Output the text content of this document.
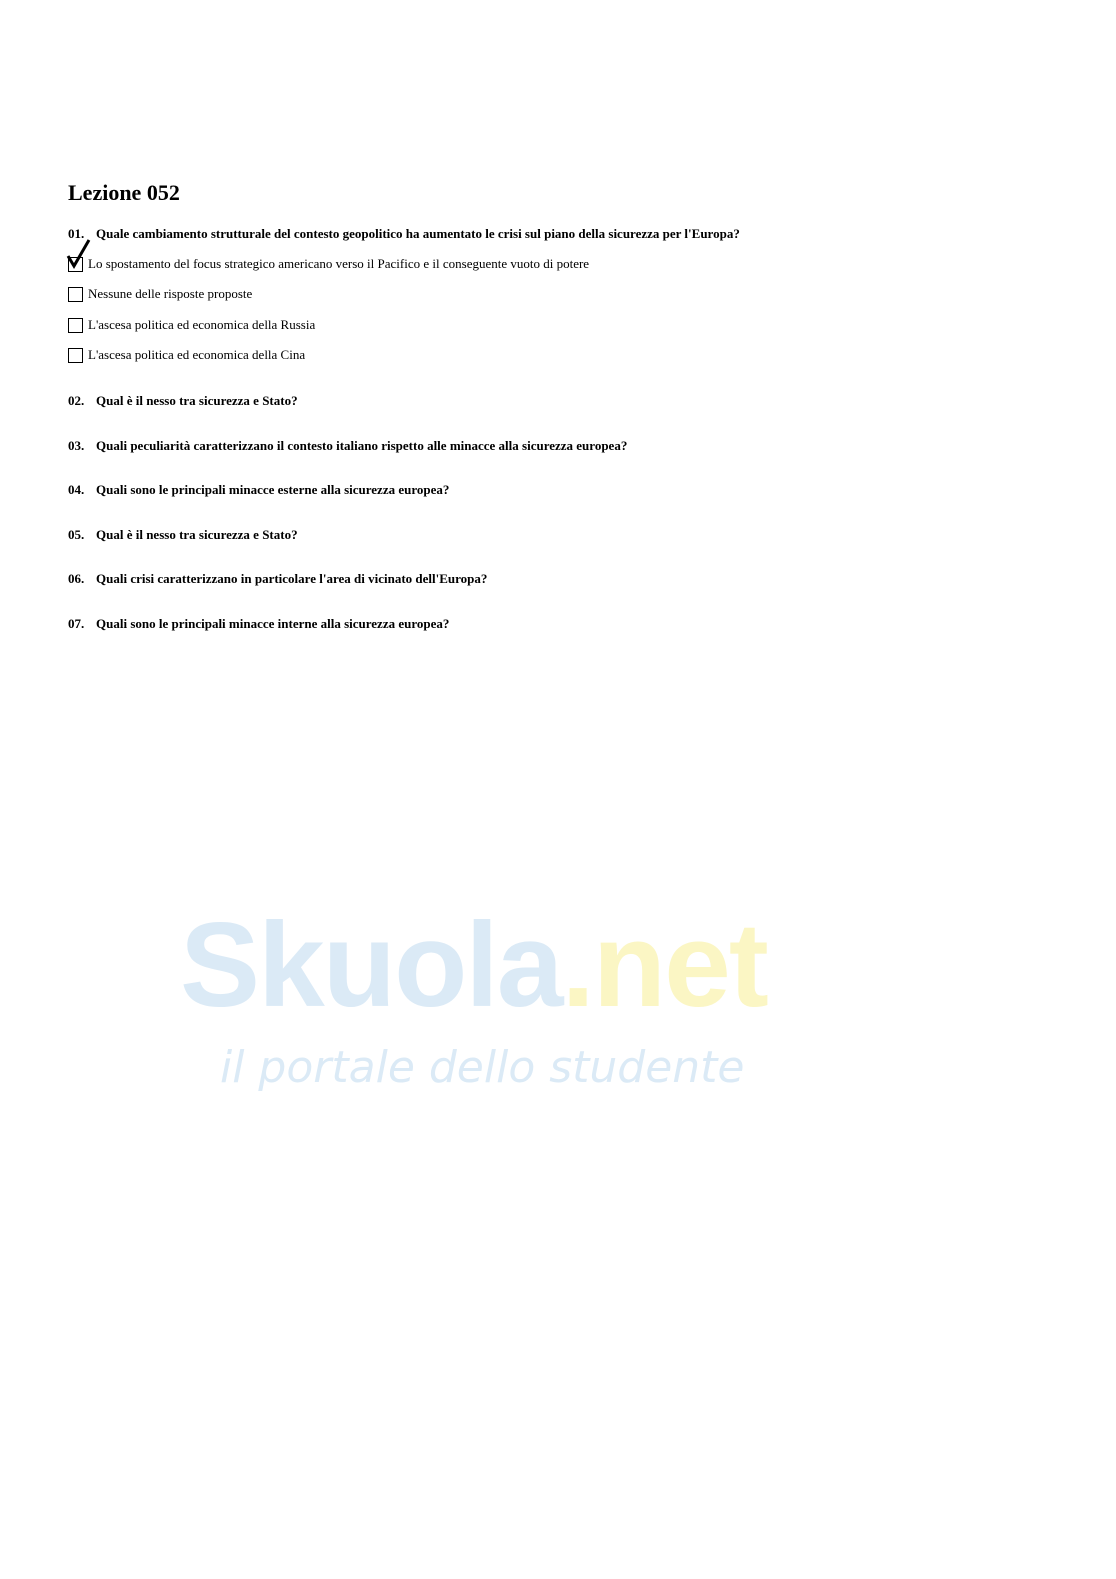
Skuola.net
il portale dello studente
Lezione 052
01. Quale cambiamento strutturale del contesto geopolitico ha aumentato le crisi sul piano della sicurezza per l'Europa?
Lo spostamento del focus strategico americano verso il Pacifico e il conseguente vuoto di potere
Nessune delle risposte proposte
L'ascesa politica ed economica della Russia
L'ascesa politica ed economica della Cina
02. Qual è il nesso tra sicurezza e Stato?
03. Quali peculiarità caratterizzano il contesto italiano rispetto alle minacce alla sicurezza europea?
04. Quali sono le principali minacce esterne alla sicurezza europea?
05. Qual è il nesso tra sicurezza e Stato?
06. Quali crisi caratterizzano in particolare l'area di vicinato dell'Europa?
07. Quali sono le principali minacce interne alla sicurezza europea?
